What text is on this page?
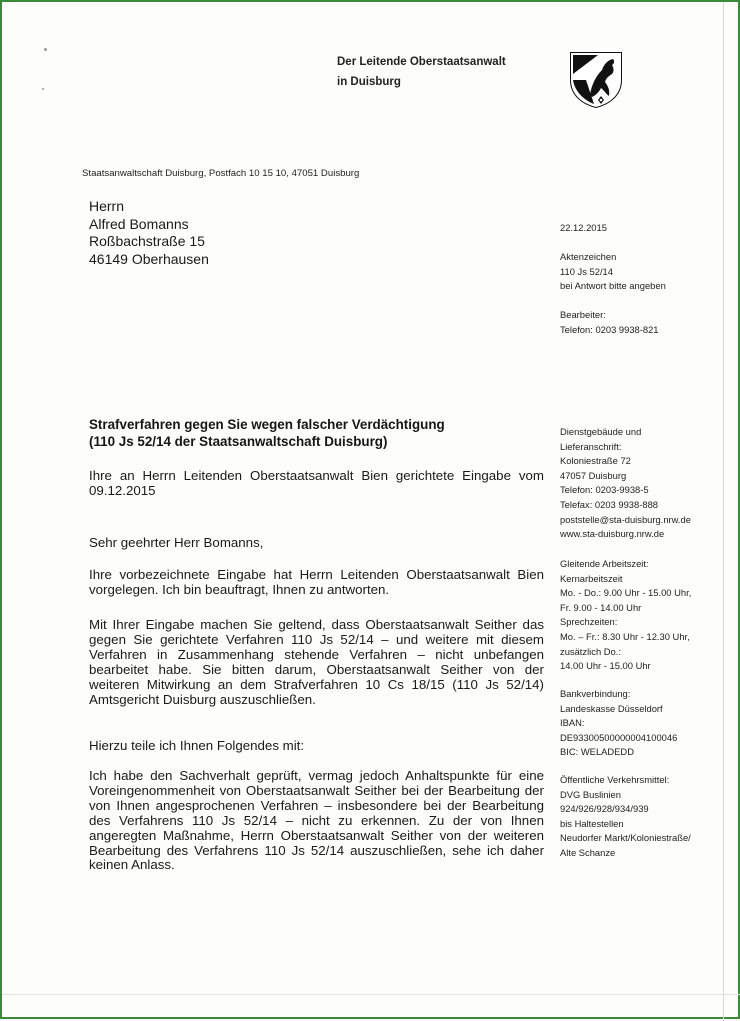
Der Leitende Oberstaatsanwalt
in Duisburg
Staatsanwaltschaft Duisburg, Postfach 10 15 10, 47051 Duisburg
Herrn
Alfred Bomanns
Roßbachstraße 15
46149 Oberhausen
22.12.2015
Aktenzeichen
110 Js 52/14
bei Antwort bitte angeben
Bearbeiter:
Telefon: 0203 9938-821
Dienstgebäude und
Lieferanschrift:
Koloniestraße 72
47057 Duisburg
Telefon: 0203-9938-5
Telefax: 0203 9938-888
poststelle@sta-duisburg.nrw.de
www.sta-duisburg.nrw.de
Gleitende Arbeitszeit:
Kernarbeitszeit
Mo. - Do.: 9.00 Uhr - 15.00 Uhr,
Fr. 9.00 - 14.00 Uhr
Sprechzeiten:
Mo. – Fr.: 8.30 Uhr - 12.30 Uhr,
zusätzlich Do.:
14.00 Uhr - 15.00 Uhr
Bankverbindung:
Landeskasse Düsseldorf
IBAN:
DE93300500000004100046
BIC: WELADEDD
Öffentliche Verkehrsmittel:
DVG Buslinien
924/926/928/934/939
bis Haltestellen
Neudorfer Markt/Koloniestraße/
Alte Schanze
Strafverfahren gegen Sie wegen falscher Verdächtigung
(110 Js 52/14 der Staatsanwaltschaft Duisburg)
Ihre an Herrn Leitenden Oberstaatsanwalt Bien gerichtete Eingabe vom 09.12.2015
Sehr geehrter Herr Bomanns,
Ihre vorbezeichnete Eingabe hat Herrn Leitenden Oberstaatsanwalt Bien vorgelegen. Ich bin beauftragt, Ihnen zu antworten.
Mit Ihrer Eingabe machen Sie geltend, dass Oberstaatsanwalt Seither das gegen Sie gerichtete Verfahren 110 Js 52/14 – und weitere mit diesem Verfahren in Zusammenhang stehende Verfahren – nicht unbefangen bearbeitet habe. Sie bitten darum, Oberstaatsanwalt Seither von der weiteren Mitwirkung an dem Strafverfahren 10 Cs 18/15 (110 Js 52/14) Amtsgericht Duisburg auszuschließen.
Hierzu teile ich Ihnen Folgendes mit:
Ich habe den Sachverhalt geprüft, vermag jedoch Anhaltspunkte für eine Voreingenommenheit von Oberstaatsanwalt Seither bei der Bearbeitung der von Ihnen angesprochenen Verfahren – insbesondere bei der Bearbeitung des Verfahrens 110 Js 52/14 – nicht zu erkennen. Zu der von Ihnen angeregten Maßnahme, Herrn Oberstaatsanwalt Seither von der weiteren Bearbeitung des Verfahrens 110 Js 52/14 auszuschließen, sehe ich daher keinen Anlass.
